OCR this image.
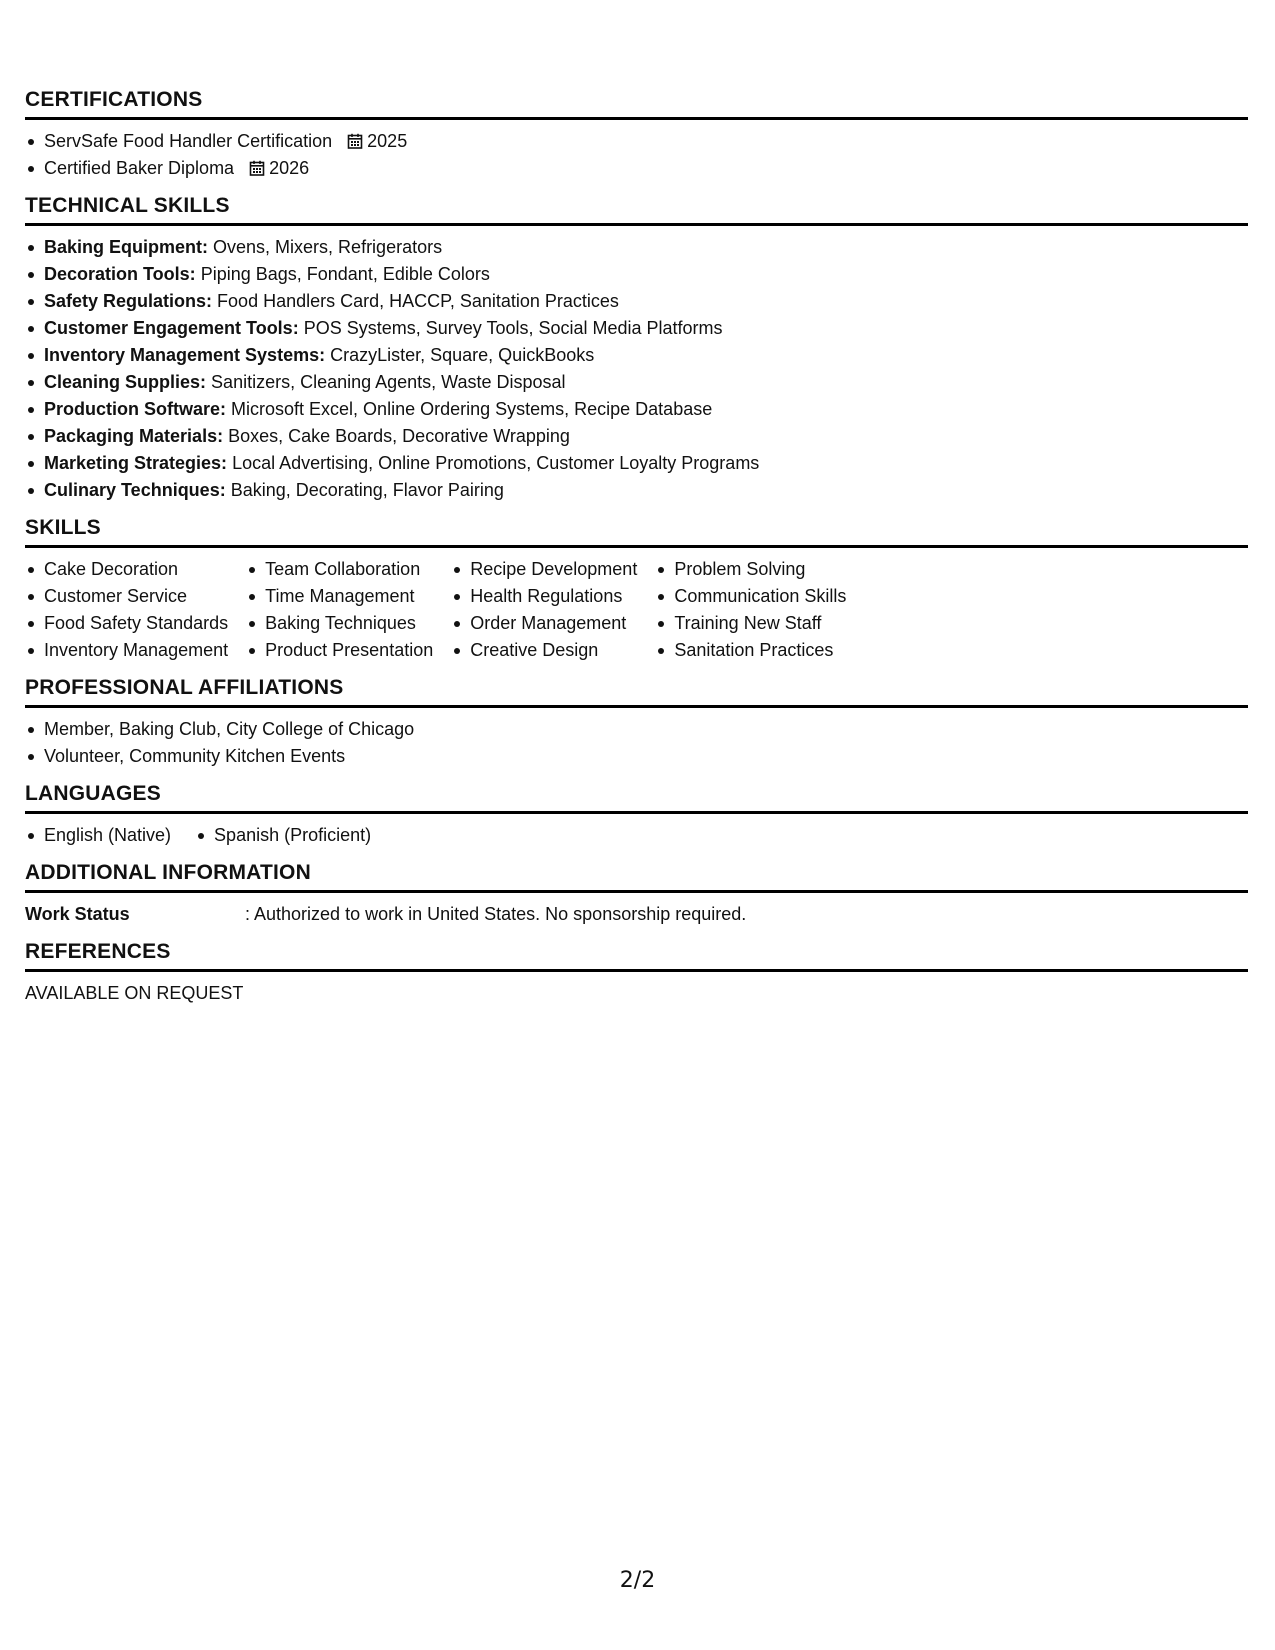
CERTIFICATIONS
ServSafe Food Handler Certification 2025
Certified Baker Diploma 2026
TECHNICAL SKILLS
Baking Equipment: Ovens, Mixers, Refrigerators
Decoration Tools: Piping Bags, Fondant, Edible Colors
Safety Regulations: Food Handlers Card, HACCP, Sanitation Practices
Customer Engagement Tools: POS Systems, Survey Tools, Social Media Platforms
Inventory Management Systems: CrazyLister, Square, QuickBooks
Cleaning Supplies: Sanitizers, Cleaning Agents, Waste Disposal
Production Software: Microsoft Excel, Online Ordering Systems, Recipe Database
Packaging Materials: Boxes, Cake Boards, Decorative Wrapping
Marketing Strategies: Local Advertising, Online Promotions, Customer Loyalty Programs
Culinary Techniques: Baking, Decorating, Flavor Pairing
SKILLS
Cake Decoration
Customer Service
Food Safety Standards
Inventory Management
Team Collaboration
Time Management
Baking Techniques
Product Presentation
Recipe Development
Health Regulations
Order Management
Creative Design
Problem Solving
Communication Skills
Training New Staff
Sanitation Practices
PROFESSIONAL AFFILIATIONS
Member, Baking Club, City College of Chicago
Volunteer, Community Kitchen Events
LANGUAGES
English (Native)	Spanish (Proficient)
ADDITIONAL INFORMATION
Work Status	: Authorized to work in United States. No sponsorship required.
REFERENCES
AVAILABLE ON REQUEST
2/2
